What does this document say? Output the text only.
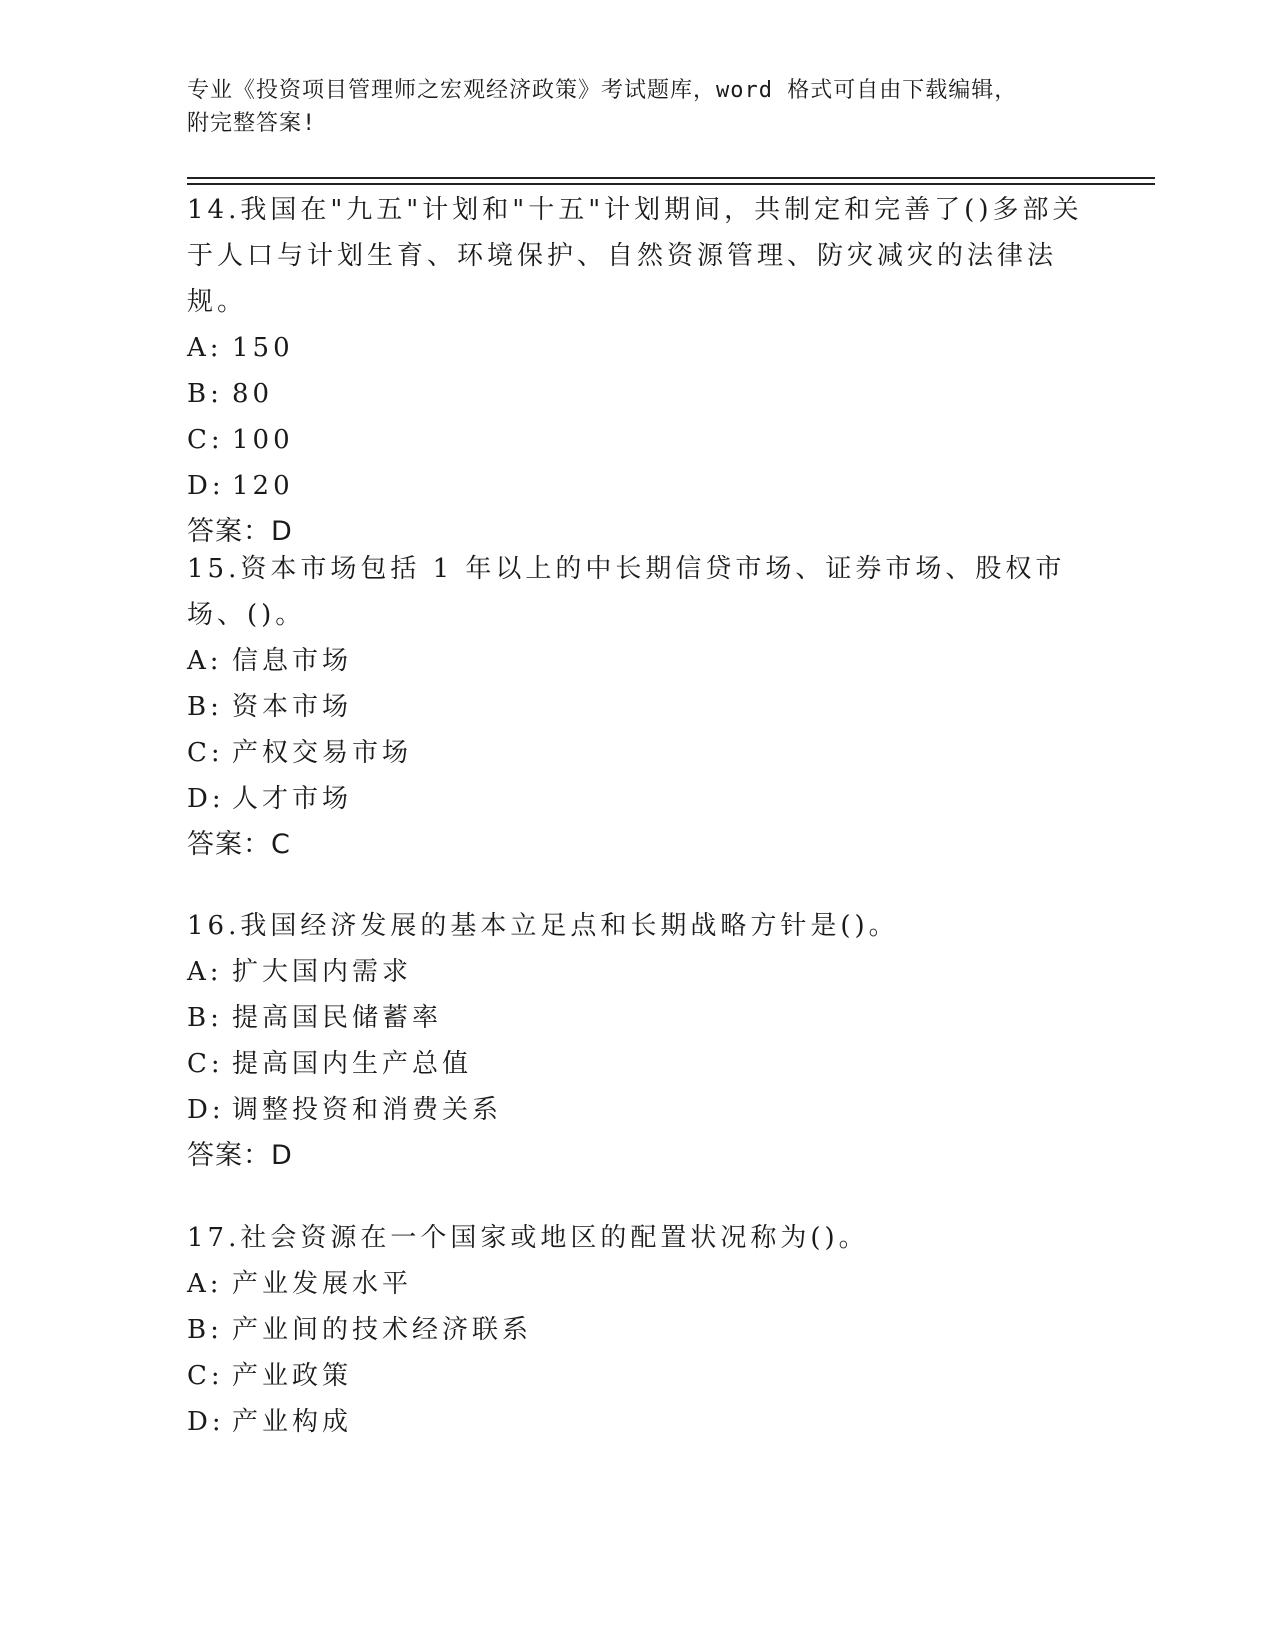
专业《投资项目管理师之宏观经济政策》考试题库，word 格式可自由下载编辑，
附完整答案!

14.我国在"九五"计划和"十五"计划期间，共制定和完善了()多部关于人口与计划生育、环境保护、自然资源管理、防灾减灾的法律法规。

A: 150
B: 80
C: 100
D: 120
答案：D

15.资本市场包括 1 年以上的中长期信贷市场、证券市场、股权市场、()。

A: 信息市场
B: 资本市场
C: 产权交易市场
D: 人才市场
答案：C

16.我国经济发展的基本立足点和长期战略方针是()。

A: 扩大国内需求
B: 提高国民储蓄率
C: 提高国内生产总值
D: 调整投资和消费关系
答案：D

17.社会资源在一个国家或地区的配置状况称为()。

A: 产业发展水平
B: 产业间的技术经济联系
C: 产业政策
D: 产业构成
